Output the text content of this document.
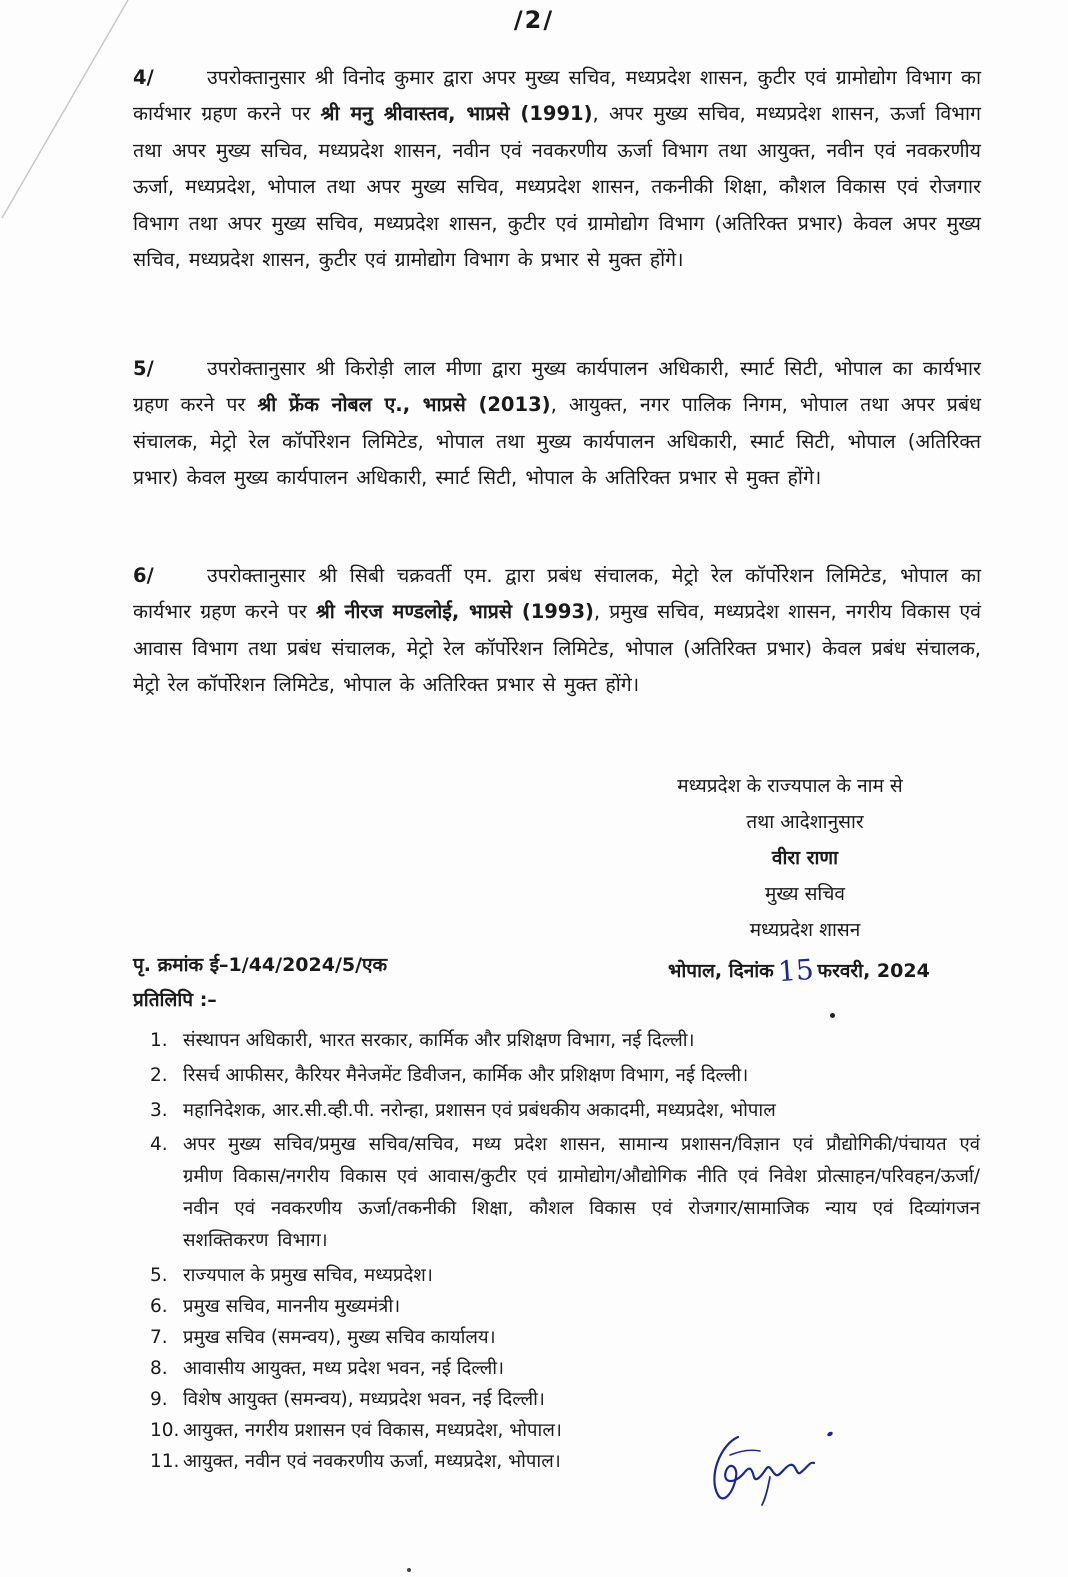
/2/
4/	उपरोक्तानुसार श्री विनोद कुमार द्वारा अपर मुख्य सचिव, मध्यप्रदेश शासन, कुटीर एवं ग्रामोद्योग विभाग का कार्यभार ग्रहण करने पर श्री मनु श्रीवास्तव, भाप्रसे (1991), अपर मुख्य सचिव, मध्यप्रदेश शासन, ऊर्जा विभाग तथा अपर मुख्य सचिव, मध्यप्रदेश शासन, नवीन एवं नवकरणीय ऊर्जा विभाग तथा आयुक्त, नवीन एवं नवकरणीय ऊर्जा, मध्यप्रदेश, भोपाल तथा अपर मुख्य सचिव, मध्यप्रदेश शासन, तकनीकी शिक्षा, कौशल विकास एवं रोजगार विभाग तथा अपर मुख्य सचिव, मध्यप्रदेश शासन, कुटीर एवं ग्रामोद्योग विभाग (अतिरिक्त प्रभार) केवल अपर मुख्य सचिव, मध्यप्रदेश शासन, कुटीर एवं ग्रामोद्योग विभाग के प्रभार से मुक्त होंगे।
5/	उपरोक्तानुसार श्री किरोड़ी लाल मीणा द्वारा मुख्य कार्यपालन अधिकारी, स्मार्ट सिटी, भोपाल का कार्यभार ग्रहण करने पर श्री फ्रेंक नोबल ए., भाप्रसे (2013), आयुक्त, नगर पालिक निगम, भोपाल तथा अपर प्रबंध संचालक, मेट्रो रेल कॉर्पोरेशन लिमिटेड, भोपाल तथा मुख्य कार्यपालन अधिकारी, स्मार्ट सिटी, भोपाल (अतिरिक्त प्रभार) केवल मुख्य कार्यपालन अधिकारी, स्मार्ट सिटी, भोपाल के अतिरिक्त प्रभार से मुक्त होंगे।
6/	उपरोक्तानुसार श्री सिबी चक्रवर्ती एम. द्वारा प्रबंध संचालक, मेट्रो रेल कॉर्पोरेशन लिमिटेड, भोपाल का कार्यभार ग्रहण करने पर श्री नीरज मण्डलोई, भाप्रसे (1993), प्रमुख सचिव, मध्यप्रदेश शासन, नगरीय विकास एवं आवास विभाग तथा प्रबंध संचालक, मेट्रो रेल कॉर्पोरेशन लिमिटेड, भोपाल (अतिरिक्त प्रभार) केवल प्रबंध संचालक, मेट्रो रेल कॉर्पोरेशन लिमिटेड, भोपाल के अतिरिक्त प्रभार से मुक्त होंगे।
मध्यप्रदेश के राज्यपाल के नाम से
तथा आदेशानुसार
वीरा राणा
मुख्य सचिव
मध्यप्रदेश शासन
पृ. क्रमांक ई–1/44/2024/5/एक	भोपाल, दिनांक 15 फरवरी, 2024
प्रतिलिपि :–
1. संस्थापन अधिकारी, भारत सरकार, कार्मिक और प्रशिक्षण विभाग, नई दिल्ली।
2. रिसर्च आफीसर, कैरियर मैनेजमेंट डिवीजन, कार्मिक और प्रशिक्षण विभाग, नई दिल्ली।
3. महानिदेशक, आर.सी.व्ही.पी. नरोन्हा, प्रशासन एवं प्रबंधकीय अकादमी, मध्यप्रदेश, भोपाल
4. अपर मुख्य सचिव/प्रमुख सचिव/सचिव, मध्य प्रदेश शासन, सामान्य प्रशासन/विज्ञान एवं प्रौद्योगिकी/पंचायत एवं ग्रमीण विकास/नगरीय विकास एवं आवास/कुटीर एवं ग्रामोद्योग/औद्योगिक नीति एवं निवेश प्रोत्साहन/परिवहन/ऊर्जा/नवीन एवं नवकरणीय ऊर्जा/तकनीकी शिक्षा, कौशल विकास एवं रोजगार/सामाजिक न्याय एवं दिव्यांगजन सशक्तिकरण विभाग।
5. राज्यपाल के प्रमुख सचिव, मध्यप्रदेश।
6. प्रमुख सचिव, माननीय मुख्यमंत्री।
7. प्रमुख सचिव (समन्वय), मुख्य सचिव कार्यालय।
8. आवासीय आयुक्त, मध्य प्रदेश भवन, नई दिल्ली।
9. विशेष आयुक्त (समन्वय), मध्यप्रदेश भवन, नई दिल्ली।
10. आयुक्त, नगरीय प्रशासन एवं विकास, मध्यप्रदेश, भोपाल।
11. आयुक्त, नवीन एवं नवकरणीय ऊर्जा, मध्यप्रदेश, भोपाल।
